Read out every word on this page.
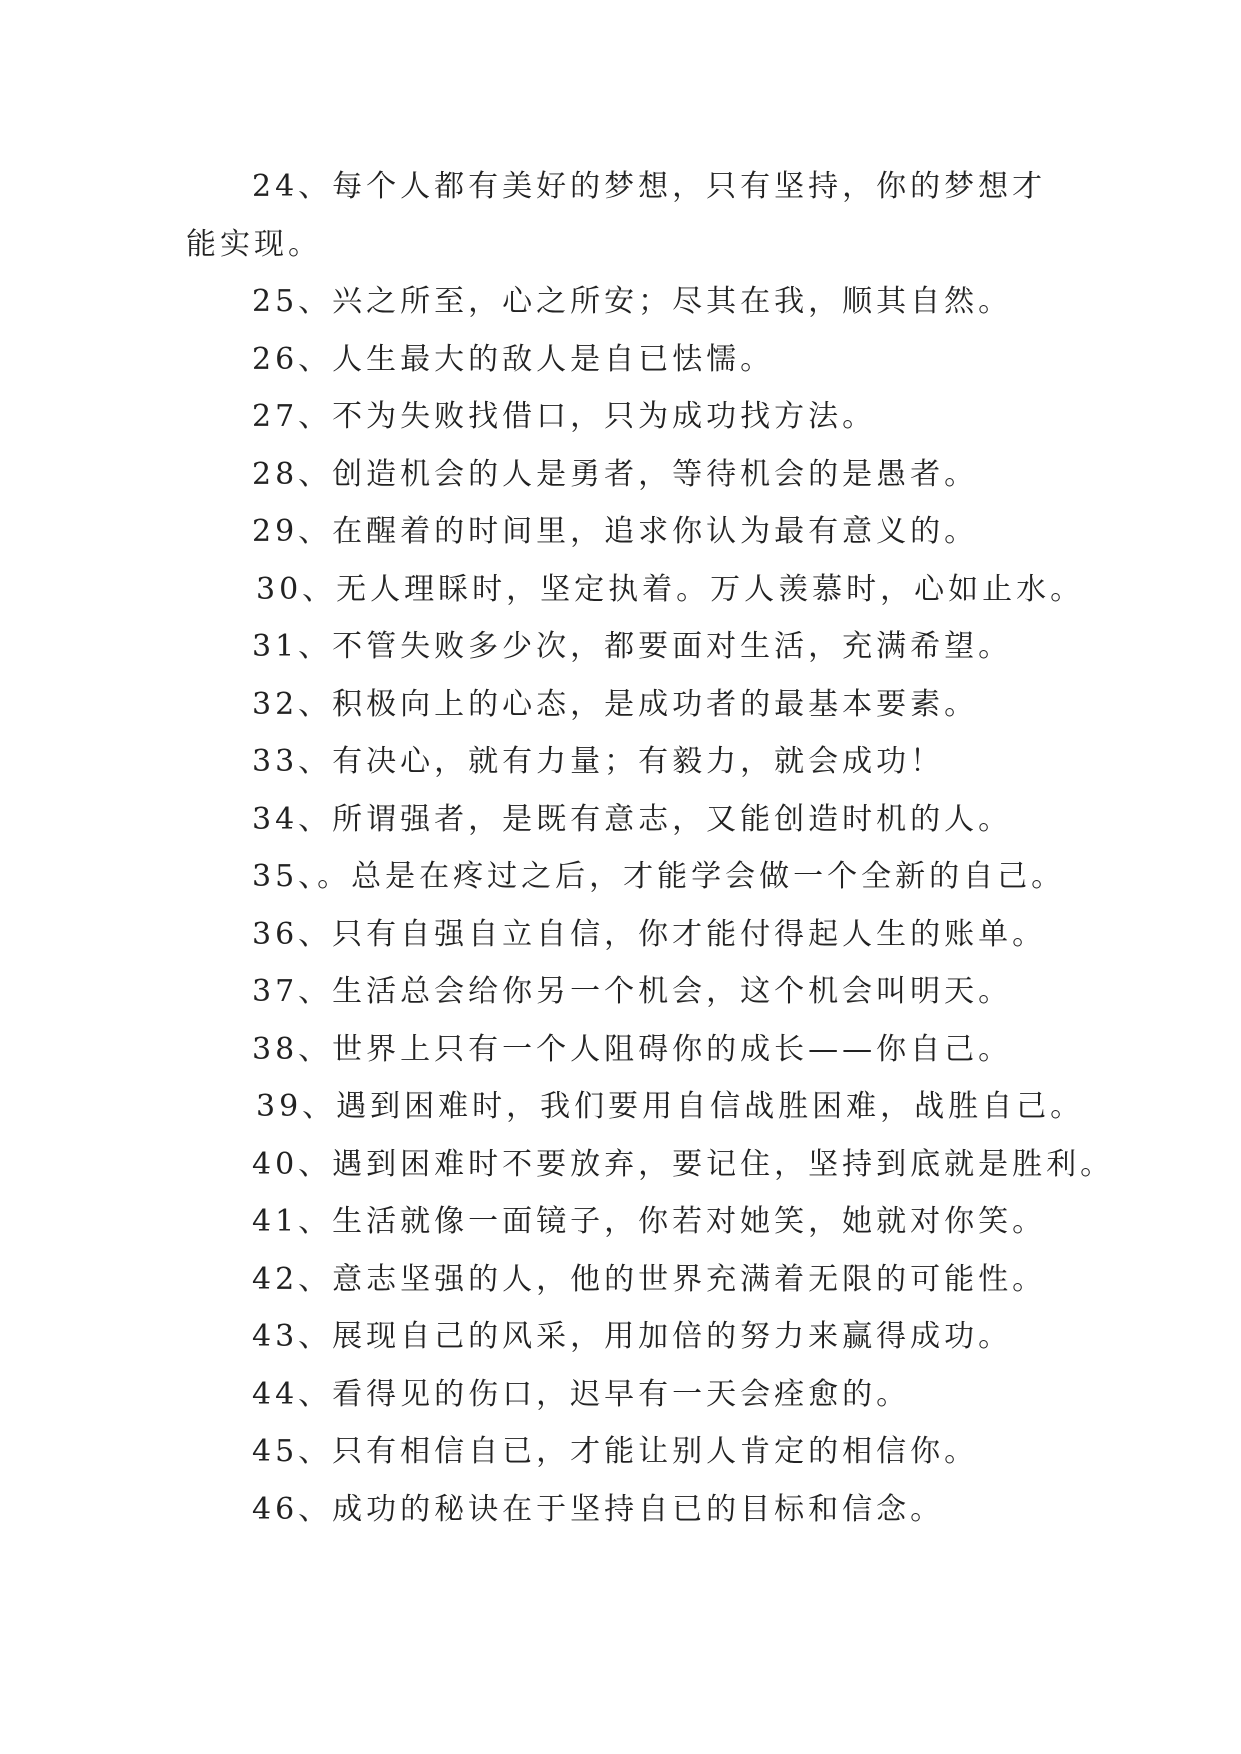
24、每个人都有美好的梦想，只有坚持，你的梦想才能实现。

25、兴之所至，心之所安；尽其在我，顺其自然。

26、人生最大的敌人是自已怯懦。

27、不为失败找借口，只为成功找方法。

28、创造机会的人是勇者，等待机会的是愚者。

29、在醒着的时间里，追求你认为最有意义的。

30、无人理睬时，坚定执着。万人羡慕时，心如止水。

31、不管失败多少次，都要面对生活，充满希望。

32、积极向上的心态，是成功者的最基本要素。

33、有决心，就有力量；有毅力，就会成功！

34、所谓强者，是既有意志，又能创造时机的人。

35、。总是在疼过之后，才能学会做一个全新的自己。

36、只有自强自立自信，你才能付得起人生的账单。

37、生活总会给你另一个机会，这个机会叫明天。

38、世界上只有一个人阻碍你的成长——你自己。

39、遇到困难时，我们要用自信战胜困难，战胜自己。

40、遇到困难时不要放弃，要记住，坚持到底就是胜利。

41、生活就像一面镜子，你若对她笑，她就对你笑。

42、意志坚强的人，他的世界充满着无限的可能性。

43、展现自己的风采，用加倍的努力来赢得成功。

44、看得见的伤口，迟早有一天会痊愈的。

45、只有相信自已，才能让别人肯定的相信你。

46、成功的秘诀在于坚持自已的目标和信念。
